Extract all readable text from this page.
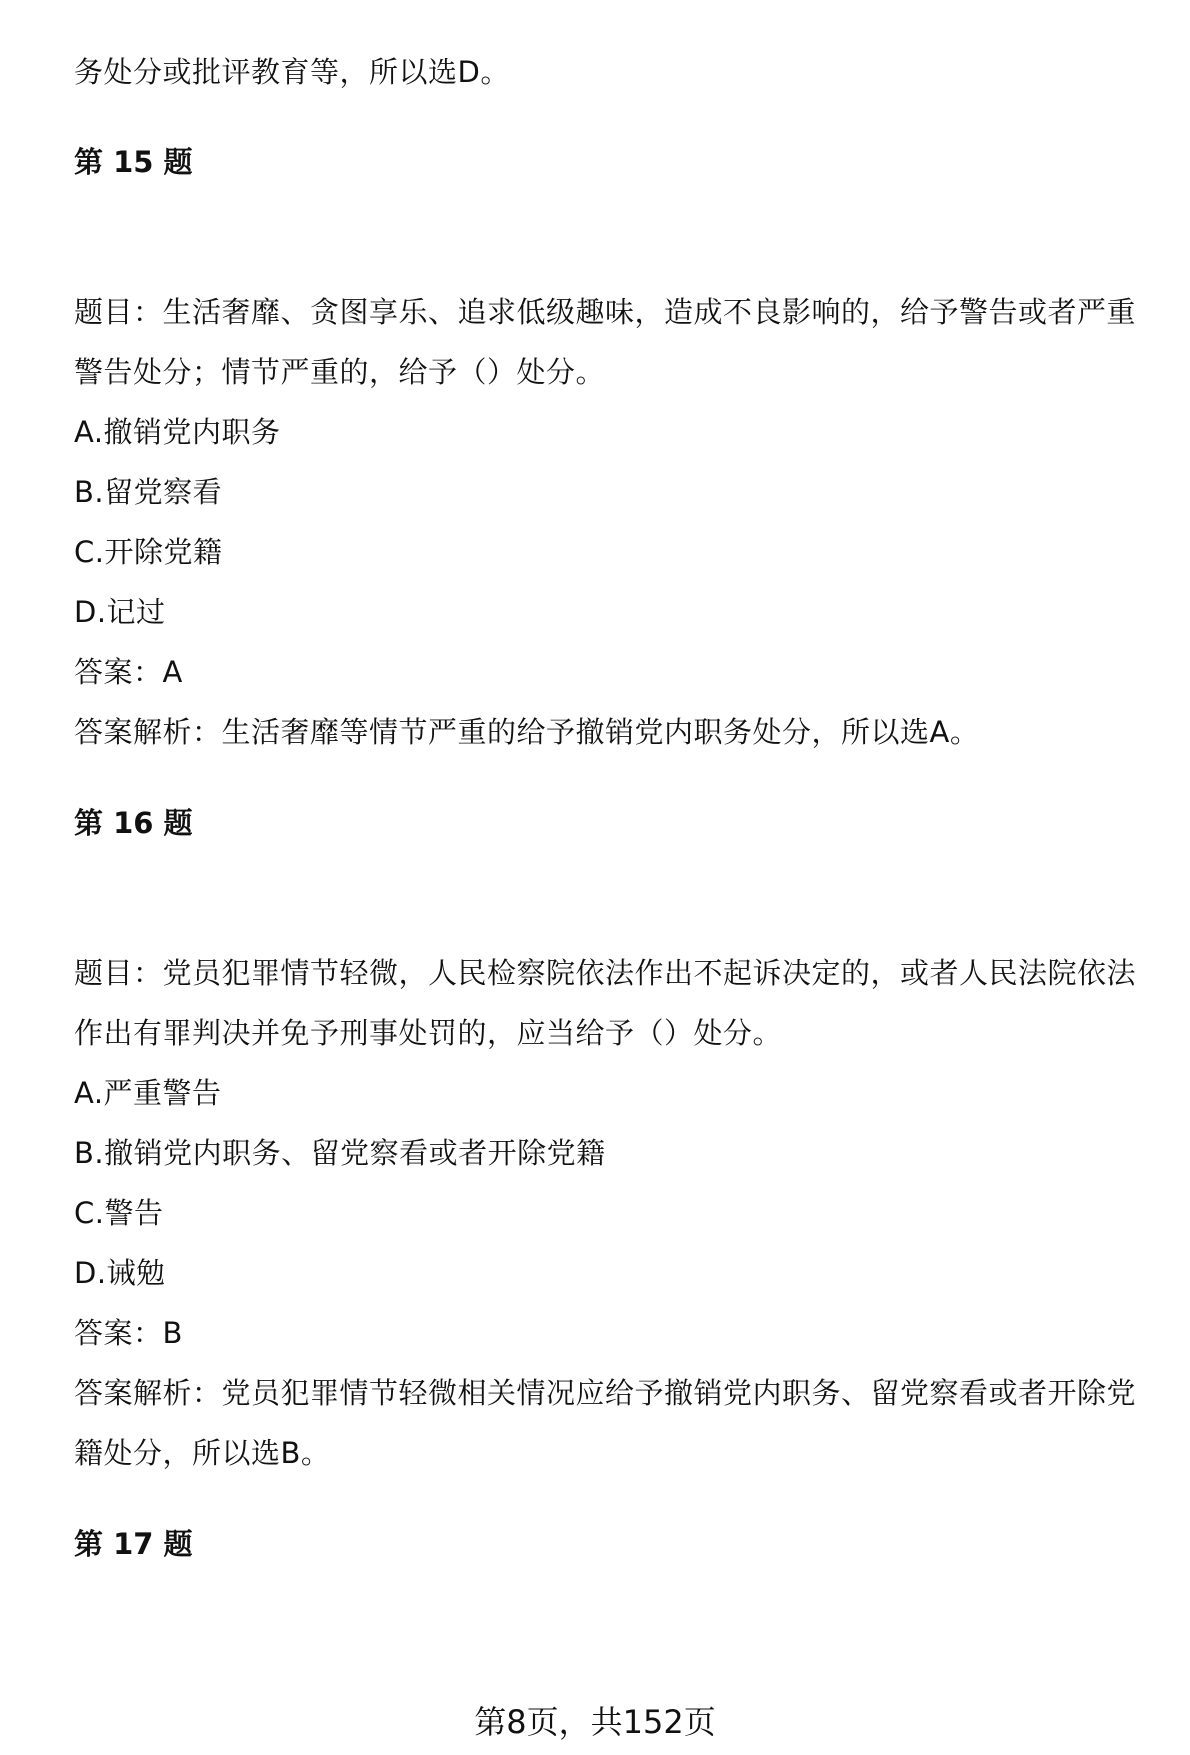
务处分或批评教育等，所以选D。
第 15 题
题目：生活奢靡、贪图享乐、追求低级趣味，造成不良影响的，给予警告或者严重
警告处分；情节严重的，给予（）处分。
A.撤销党内职务
B.留党察看
C.开除党籍
D.记过
答案：A
答案解析：生活奢靡等情节严重的给予撤销党内职务处分，所以选A。
第 16 题
题目：党员犯罪情节轻微，人民检察院依法作出不起诉决定的，或者人民法院依法
作出有罪判决并免予刑事处罚的，应当给予（）处分。
A.严重警告
B.撤销党内职务、留党察看或者开除党籍
C.警告
D.诫勉
答案：B
答案解析：党员犯罪情节轻微相关情况应给予撤销党内职务、留党察看或者开除党
籍处分，所以选B。
第 17 题
第8页，共152页
